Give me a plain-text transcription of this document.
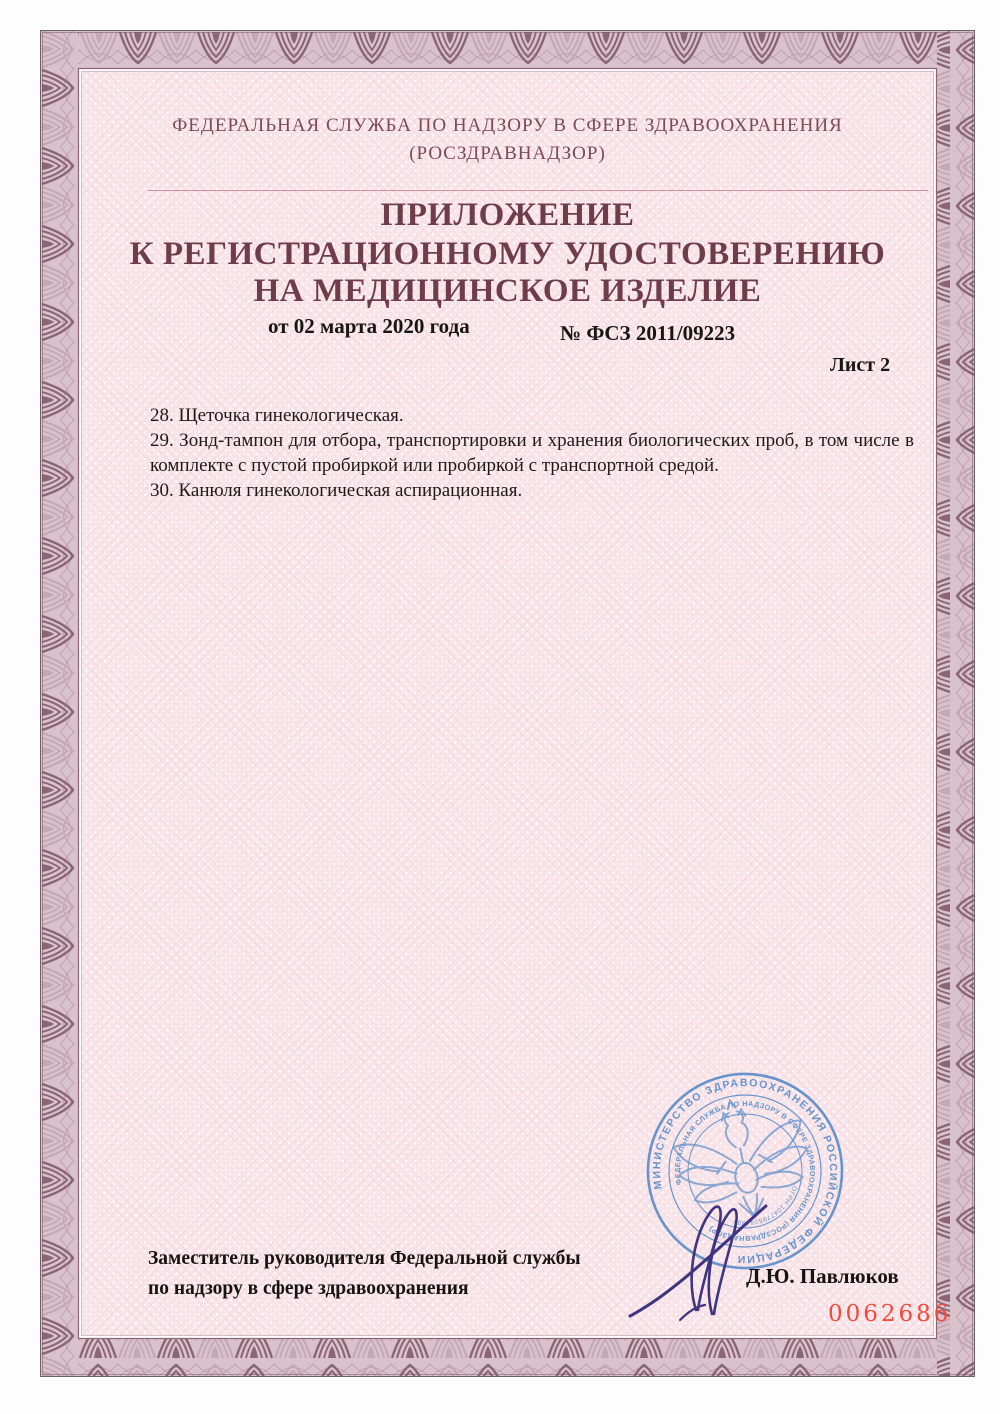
ФЕДЕРАЛЬНАЯ СЛУЖБА ПО НАДЗОРУ В СФЕРЕ ЗДРАВООХРАНЕНИЯ
(РОСЗДРАВНАДЗОР)
ПРИЛОЖЕНИЕ
К РЕГИСТРАЦИОННОМУ УДОСТОВЕРЕНИЮ
НА МЕДИЦИНСКОЕ ИЗДЕЛИЕ
от 02 марта 2020 года	№ ФСЗ 2011/09223
Лист 2

28. Щеточка гинекологическая.

29. Зонд-тампон для отбора, транспортировки и хранения биологических проб, в том числе в комплекте с пустой пробиркой или пробиркой с транспортной средой.

30. Канюля гинекологическая аспирационная.

МИНИСТЕРСТВО ЗДРАВООХРАНЕНИЯ РОССИЙСКОЙ ФЕДЕРАЦИИ
ФЕДЕРАЛЬНАЯ СЛУЖБА ПО НАДЗОРУ В СФЕРЕ ЗДРАВООХРАНЕНИЯ (РОСЗДРАВНАДЗОР)
ОГРН 1047796244396
Заместитель руководителя Федеральной службы
по надзору в сфере здравоохранения
Д.Ю. Павлюков
0062686
